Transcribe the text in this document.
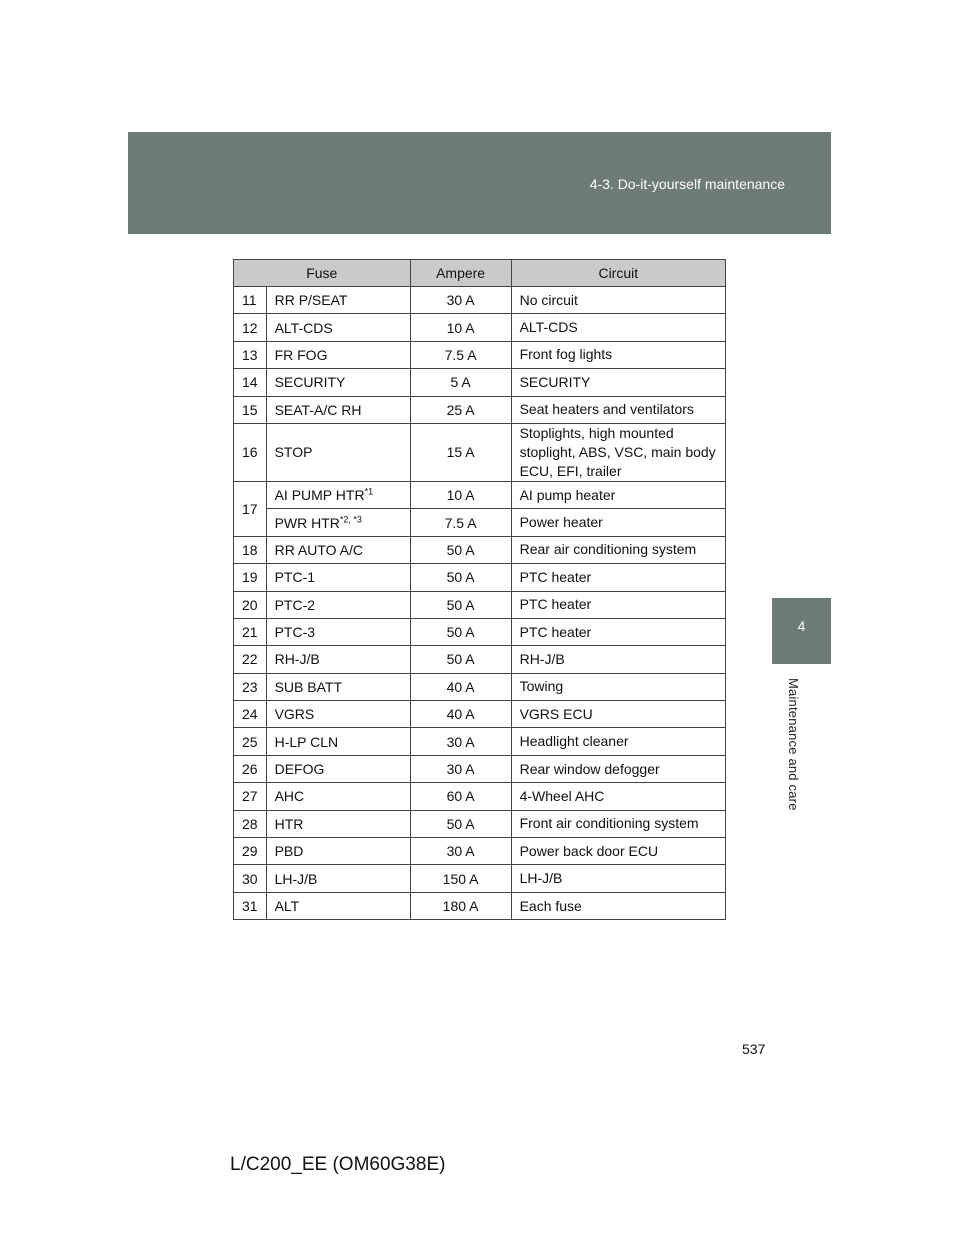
4-3. Do-it-yourself maintenance
4
Maintenance and care
Fuse		Ampere	Circuit
11	RR P/SEAT	30 A	No circuit
12	ALT-CDS	10 A	ALT-CDS
13	FR FOG	7.5 A	Front fog lights
14	SECURITY	5 A	SECURITY
15	SEAT-A/C RH	25 A	Seat heaters and ventilators
16	STOP	15 A	Stoplights, high mounted stoplight, ABS, VSC, main body ECU, EFI, trailer
17	AI PUMP HTR$^{*1}$	10 A	AI pump heater
	PWR $HTR^{*2, *3}$	7.5 A	Power heater
18	RR AUTO A/C	50 A	Rear air conditioning system
19	PTC-1	50 A	PTC heater
20	PTC-2	50 A	PTC heater
21	PTC-3	50 A	PTC heater
22	RH-J/B	50 A	RH-J/B
23	SUB BATT	40 A	Towing
24	VGRS	40 A	VGRS ECU
25	H-LP CLN	30 A	Headlight cleaner
26	DEFOG	30 A	Rear window defogger
27	AHC	60 A	4-Wheel AHC
28	HTR	50 A	Front air conditioning system
29	PBD	30 A	Power back door ECU
30	LH-J/B	150 A	LH-J/B
31	ALT	180 A	Each fuse
537
L/C200_EE (OM60G38E)
